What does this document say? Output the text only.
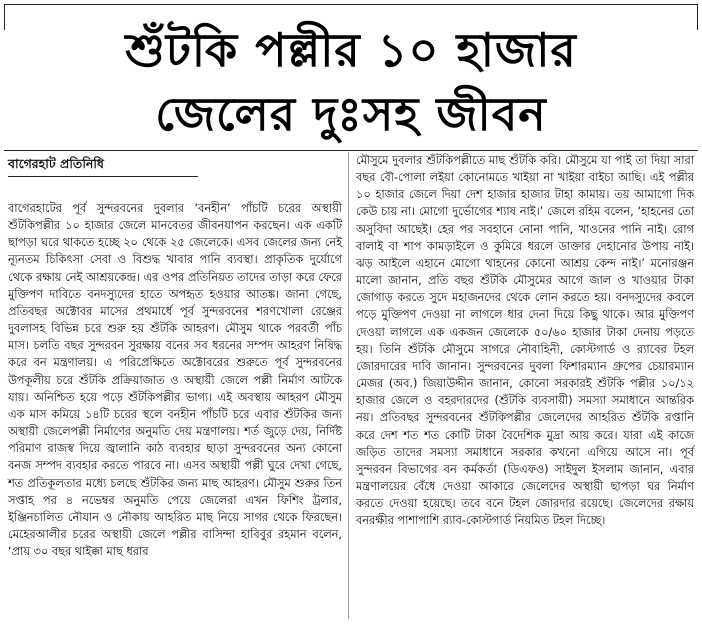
শুঁটকি পল্লীর ১০ হাজার
জেলের দুঃসহ জীবন
বাগেরহাট প্রতিনিধি

বাগেরহাটের পূর্ব সুন্দরবনের দুবলার ‘বনহীন’ পাঁচটি চরের অস্থায়ী শুঁটকিপল্লীর ১০ হাজার জেলে মানবেতর জীবনযাপন করছেন। এক একটি ছাপড়া ঘরে থাকতে হচ্ছে ২০ থেকে ২৫ জেলেকে। এসব জেলের জন্য নেই ন্যূনতম চিকিৎসা সেবা ও বিশুদ্ধ খাবার পানি ব্যবস্থা। প্রাকৃতিক দুর্যোগে থেকে রক্ষায় নেই আশ্রয়কেন্দ্র। এর ওপর প্রতিনিয়ত তাদের তাড়া করে ফেরে মুক্তিপণ দাবিতে বনদস্যুদের হাতে অপহৃত হওয়ার আতঙ্ক। জানা গেছে, প্রতিবছর অক্টোবর মাসের প্রথমার্ধে পূর্ব সুন্দরবনের শরণখোলা রেঞ্জের দুবলাসহ বিভিন্ন চরে শুরু হয় শুঁটকি আহরণ। মৌসুম থাকে পরবর্তী পাঁচ মাস। চলতি বছর সুন্দরবন সুরক্ষায় বনের সব ধরনের সম্পদ আহরণ নিষিদ্ধ করে বন মন্ত্রণালয়। এ পরিপ্রেক্ষিতে অক্টোবরের শুরুতে পূর্ব সুন্দরবনের উপকূলীয় চরে শুঁটকি প্রক্রিয়াজাত ও অস্থায়ী জেলে পল্লী নির্মাণ আটকে যায়। অনিশ্চিত হয়ে পড়ে শুঁটকিপল্লীর ভাগ্য। এই অবস্থায় আহরণ মৌসুম এক মাস কমিয়ে ১৪টি চরের স্থলে বনহীন পাঁচটি চরে এবার শুঁটকির জন্য অস্থায়ী জেলেপল্লী নির্মাণের অনুমতি দেয় মন্ত্রণালয়। শর্ত জুড়ে দেয়, নির্দিষ্ট পরিমাণ রাজস্ব দিয়ে জ্বালানি কাঠ ব্যবহার ছাড়া সুন্দরবনের অন্য কোনো বনজ সম্পদ ব্যবহার করতে পারবে না। এসব অস্থায়ী পল্লী ঘুরে দেখা গেছে, শত প্রতিকূলতার মধ্যে চলছে শুঁটকির জন্য মাছ আহরণ। মৌসুম শুরুর তিন সপ্তাহ পর ৪ নভেম্বর অনুমতি পেয়ে জেলেরা এখন ফিশিং ট্রলার, ইঞ্জিনচালিত নৌযান ও নৌকায় আহরিত মাছ নিয়ে সাগর থেকে ফিরছেন। মেহেরআলীর চরের অস্থায়ী জেলে পল্লীর বাসিন্দা হাবিবুর রহমান বলেন, ‘প্রায় ৩০ বছর থাইক্কা মাছ ধরার

মৌসুমে দুবলার শুঁটকিপল্লীতে মাছ শুঁটকি করি। মৌসুমে যা পাই তা দিয়া সারা বছর বৌ-পোলা লইয়া কোনোমতে খাইয়া না খাইয়া বাইচা আছি। এই পল্লীর ১০ হাজার জেলে দিয়া দেশ হাজার হাজার টাহা কামায়। তয় আমাগো দিক কেউ চায় না। মোগো দুর্ভোগের শ্যাষ নাই।’ জেলে রহিম বলেন, ‘হাহনের তো অসুবিদা আছেই। হের পর সবহানে নোনা পানি, খাওনের পানি নাই। রোগ বালাই বা শাপ কামড়াইলে ও কুমিরে ধরলে ডাক্তার দেহানোর উপায় নাই। ঝড় আইলে এহানে মোগো থাহনের কোনো আশ্রয় কেন্দ নাই।’ মনোরঞ্জন মালো জানান, প্রতি বছর শুঁটকি মৌসুমের আগে জাল ও খাওয়ার টাকা জোগাড় করতে সুদে মহাজনদের থেকে লোন করতে হয়। বনদস্যুদের কবলে পড়ে মুক্তিপণ দেওয়া না লাগলে ধার দেনা দিয়ে কিছু থাকে। আর মুক্তিপণ দেওয়া লাগলে এক একজন জেলেকে ৫০/৬০ হাজার টাকা দেনায় পড়তে হয়। তিনি শুঁটকি মৌসুমে সাগরে নৌবাহিনী, কোস্টগার্ড ও র‍্যাবের টহল জোরদারের দাবি জানান। সুন্দরবনের দুবলা ফিশারম্যান গ্রুপের চেয়ারম্যান মেজর (অব.) জিয়াউদ্দীন জানান, কোনো সরকারই শুঁটকি পল্লীর ১০/১২ হাজার জেলে ও বহরদারদের (শুঁটকি ব্যবসায়ী) সমস্যা সমাধানে আন্তরিক নয়। প্রতিবছর সুন্দরবনের শুঁটকিপল্লীর জেলেদের আহরিত শুঁটকি রপ্তানি করে দেশ শত শত কোটি টাকা বৈদেশিক মুদ্রা আয় করে। যারা এই কাজে জড়িত তাদের সমস্যা সমাধানে সরকার কখনো এগিয়ে আসে না। পূর্ব সুন্দরবন বিভাগের বন কর্মকর্তা (ডিএফও) সাইদুল ইসলাম জানান, এবার মন্ত্রণালয়ের বেঁধে দেওয়া আকারে জেলেদের অস্থায়ী ছাপড়া ঘর নির্মাণ করতে দেওয়া হয়েছে। তবে বনে টহল জোরদার রয়েছে। জেলেদের রক্ষায় বনরক্ষীর পাশাপাশি র‍্যাব-কোস্টগার্ড নিয়মিত টহল দিচ্ছে।
